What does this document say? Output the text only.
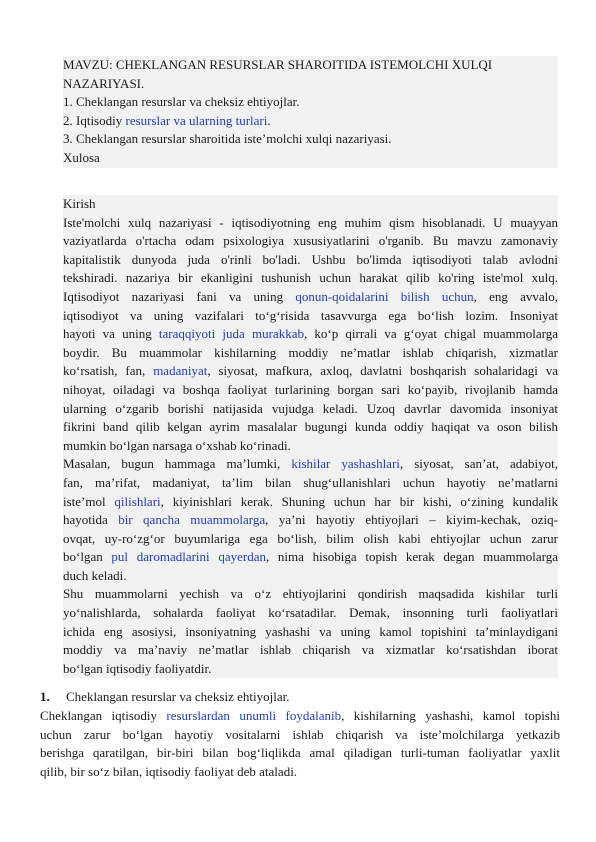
MAVZU: CHEKLANGAN RESURSLAR SHAROITIDA ISTEMOLCHI XULQI
NAZARIYASI.
1. Cheklangan resurslar va cheksiz ehtiyojlar.
2. Iqtisodiy resurslar va ularning turlari.
3. Cheklangan resurslar sharoitida iste’molchi xulqi nazariyasi.
Xulosa
Kirish
Iste'molchi xulq nazariyasi - iqtisodiyotning eng muhim qism hisoblanadi. U muayyan
vaziyatlarda o'rtacha odam psixologiya xususiyatlarini o'rganib. Bu mavzu zamonaviy
kapitalistik dunyoda juda o'rinli bo'ladi. Ushbu bo'limda iqtisodiyoti talab avlodni
tekshiradi. nazariya bir ekanligini tushunish uchun harakat qilib ko'ring iste'mol xulq.
Iqtisodiyot nazariyasi fani va uning qonun-qoidalarini bilish uchun, eng avvalo,
iqtisodiyot va uning vazifalari to‘g‘risida tasavvurga ega bo‘lish lozim. Insoniyat
hayoti va uning taraqqiyoti juda murakkab, ko‘p qirrali va g‘oyat chigal muammolarga
boydir. Bu muammolar kishilarning moddiy ne’matlar ishlab chiqarish, xizmatlar
ko‘rsatish, fan, madaniyat, siyosat, mafkura, axloq, davlatni boshqarish sohalaridagi va
nihoyat, oiladagi va boshqa faoliyat turlarining borgan sari ko‘payib, rivojlanib hamda
ularning o‘zgarib borishi natijasida vujudga keladi. Uzoq davrlar davomida insoniyat
fikrini band qilib kelgan ayrim masalalar bugungi kunda oddiy haqiqat va oson bilish
mumkin bo‘lgan narsaga o‘xshab ko‘rinadi.
Masalan, bugun hammaga ma’lumki, kishilar yashashlari, siyosat, san’at, adabiyot,
fan, ma’rifat, madaniyat, ta’lim bilan shug‘ullanishlari uchun hayotiy ne’matlarni
iste’mol qilishlari, kiyinishlari kerak. Shuning uchun har bir kishi, o‘zining kundalik
hayotida bir qancha muammolarga, ya’ni hayotiy ehtiyojlari – kiyim-kechak, oziq-
ovqat, uy-ro‘zg‘or buyumlariga ega bo‘lish, bilim olish kabi ehtiyojlar uchun zarur
bo‘lgan pul daromadlarini qayerdan, nima hisobiga topish kerak degan muammolarga
duch keladi.
Shu muammolarni yechish va o‘z ehtiyojlarini qondirish maqsadida kishilar turli
yo‘nalishlarda, sohalarda faoliyat ko‘rsatadilar. Demak, insonning turli faoliyatlari
ichida eng asosiysi, insoniyatning yashashi va uning kamol topishini ta’minlaydigani
moddiy va ma’naviy ne’matlar ishlab chiqarish va xizmatlar ko‘rsatishdan iborat
bo‘lgan iqtisodiy faoliyatdir.
1. Cheklangan resurslar va cheksiz ehtiyojlar.
Cheklangan iqtisodiy resurslardan unumli foydalanib, kishilarning yashashi, kamol topishi
uchun zarur bo‘lgan hayotiy vositalarni ishlab chiqarish va iste’molchilarga yetkazib
berishga qaratilgan, bir-biri bilan bog‘liqlikda amal qiladigan turli-tuman faoliyatlar yaxlit
qilib, bir so‘z bilan, iqtisodiy faoliyat deb ataladi.
